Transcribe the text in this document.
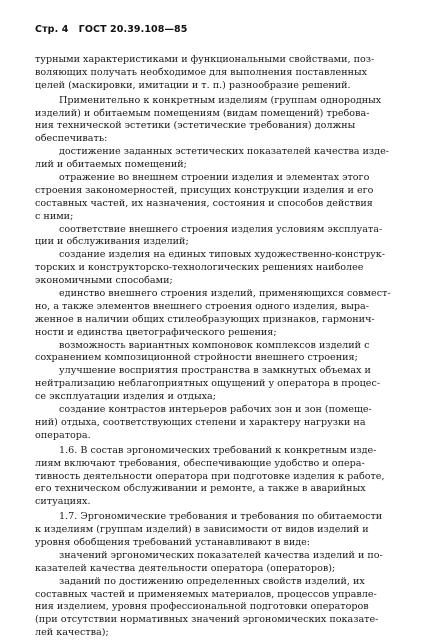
Стр. 4 ГОСТ 20.39.108—85
турными характеристиками и функциональными свойствами, поз-
воляющих получать необходимое для выполнения поставленных
целей (маскировки, имитации и т. п.) разнообразие решений.
Применительно к конкретным изделиям (группам однородных
изделий) и обитаемым помещениям (видам помещений) требова-
ния технической эстетики (эстетические требования) должны
обеспечивать:
достижение заданных эстетических показателей качества изде-
лий и обитаемых помещений;
отражение во внешнем строении изделия и элементах этого
строения закономерностей, присущих конструкции изделия и его
составных частей, их назначения, состояния и способов действия
с ними;
соответствие внешнего строения изделия условиям эксплуата-
ции и обслуживания изделий;
создание изделия на единых типовых художественно-конструк-
торских и конструкторско-технологических решениях наиболее
экономичными способами;
единство внешнего строения изделий, применяющихся совмест-
но, а также элементов внешнего строения одного изделия, выра-
женное в наличии общих стилеобразующих признаков, гармонич-
ности и единства цветографического решения;
возможность вариантных компоновок комплексов изделий с
сохранением композиционной стройности внешнего строения;
улучшение восприятия пространства в замкнутых объемах и
нейтрализацию неблагоприятных ощущений у оператора в процес-
се эксплуатации изделия и отдыха;
создание контрастов интерьеров рабочих зон и зон (помеще-
ний) отдыха, соответствующих степени и характеру нагрузки на
оператора.
1.6. В состав эргономических требований к конкретным изде-
лиям включают требования, обеспечивающие удобство и опера-
тивность деятельности оператора при подготовке изделия к работе,
его техническом обслуживании и ремонте, а также в аварийных
ситуациях.
1.7. Эргономические требования и требования по обитаемости
к изделиям (группам изделий) в зависимости от видов изделий и
уровня обобщения требований устанавливают в виде:
значений эргономических показателей качества изделий и по-
казателей качества деятельности оператора (операторов);
заданий по достижению определенных свойств изделий, их
составных частей и применяемых материалов, процессов управле-
ния изделием, уровня профессиональной подготовки операторов
(при отсутствии нормативных значений эргономических показате-
лей качества);
